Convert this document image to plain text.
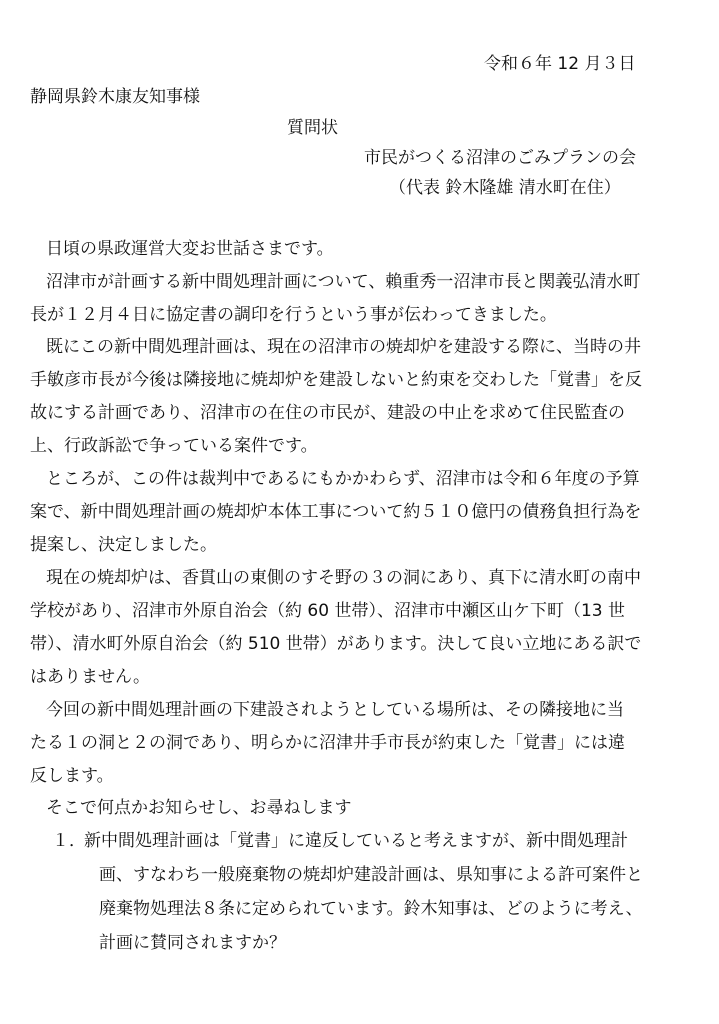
令和６年 12 月３日
静岡県鈴木康友知事様
質問状
市民がつくる沼津のごみプランの会
（代表 鈴木隆雄 清水町在住）
日頃の県政運営大変お世話さまです。
沼津市が計画する新中間処理計画について、賴重秀一沼津市長と関義弘清水町
長が１２月４日に協定書の調印を行うという事が伝わってきました。
既にこの新中間処理計画は、現在の沼津市の焼却炉を建設する際に、当時の井
手敏彦市長が今後は隣接地に焼却炉を建設しないと約束を交わした「覚書」を反
故にする計画であり、沼津市の在住の市民が、建設の中止を求めて住民監査の
上、行政訴訟で争っている案件です。
ところが、この件は裁判中であるにもかかわらず、沼津市は令和６年度の予算
案で、新中間処理計画の焼却炉本体工事について約５１０億円の債務負担行為を
提案し、決定しました。
現在の焼却炉は、香貫山の東側のすそ野の３の洞にあり、真下に清水町の南中
学校があり、沼津市外原自治会（約 60 世帯）、沼津市中瀬区山ケ下町（13 世
帯）、清水町外原自治会（約 510 世帯）があります。決して良い立地にある訳で
はありません。
今回の新中間処理計画の下建設されようとしている場所は、その隣接地に当
たる１の洞と２の洞であり、明らかに沼津井手市長が約束した「覚書」には違
反します。
そこで何点かお知らせし、お尋ねします
１．
新中間処理計画は「覚書」に違反していると考えますが、新中間処理計
画、すなわち一般廃棄物の焼却炉建設計画は、県知事による許可案件と
廃棄物処理法８条に定められています。鈴木知事は、どのように考え、
計画に賛同されますか？
